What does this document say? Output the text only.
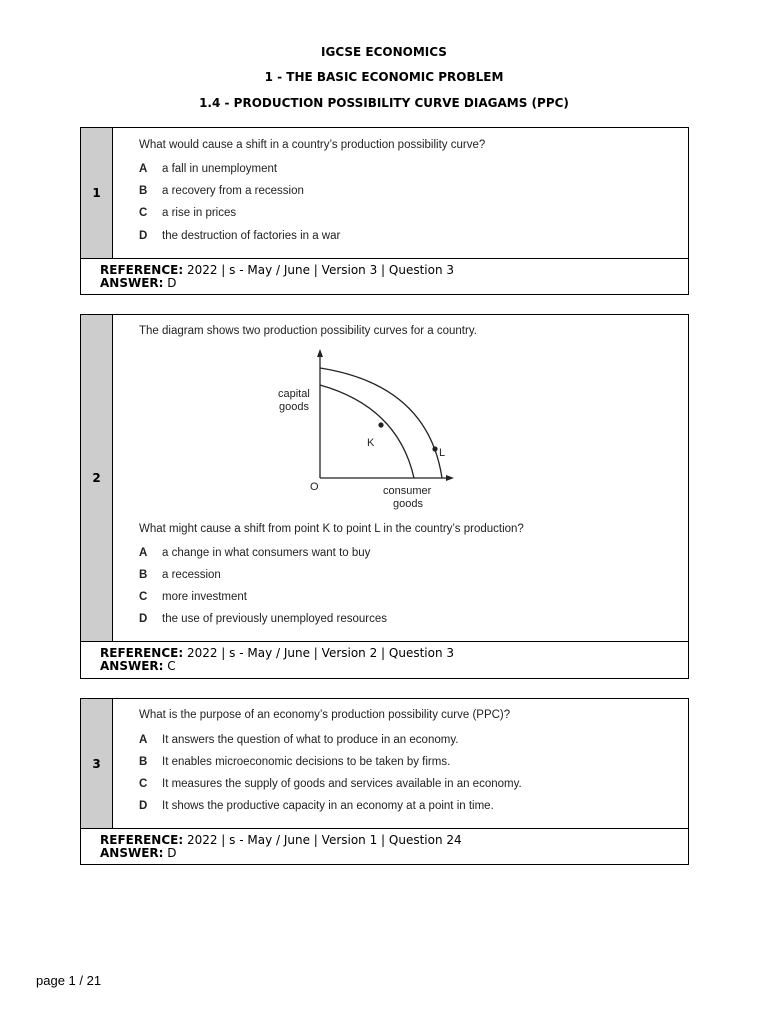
IGCSE ECONOMICS
1 - THE BASIC ECONOMIC PROBLEM
1.4 - PRODUCTION POSSIBILITY CURVE DIAGAMS (PPC)
1
What would cause a shift in a country’s production possibility curve?
A a fall in unemployment
B a recovery from a recession
C a rise in prices
D the destruction of factories in a war
REFERENCE: 2022 | s - May / June | Version 3 | Question 3
ANSWER: D
2
The diagram shows two production possibility curves for a country.
capital
goods
K
L
O	consumer
goods
What might cause a shift from point K to point L in the country’s production?
A a change in what consumers want to buy
B a recession
C more investment
D the use of previously unemployed resources
REFERENCE: 2022 | s - May / June | Version 2 | Question 3
ANSWER: C
3
What is the purpose of an economy’s production possibility curve (PPC)?
A It answers the question of what to produce in an economy.
B It enables microeconomic decisions to be taken by firms.
C It measures the supply of goods and services available in an economy.
D It shows the productive capacity in an economy at a point in time.
REFERENCE: 2022 | s - May / June | Version 1 | Question 24
ANSWER: D
page 1 / 21
